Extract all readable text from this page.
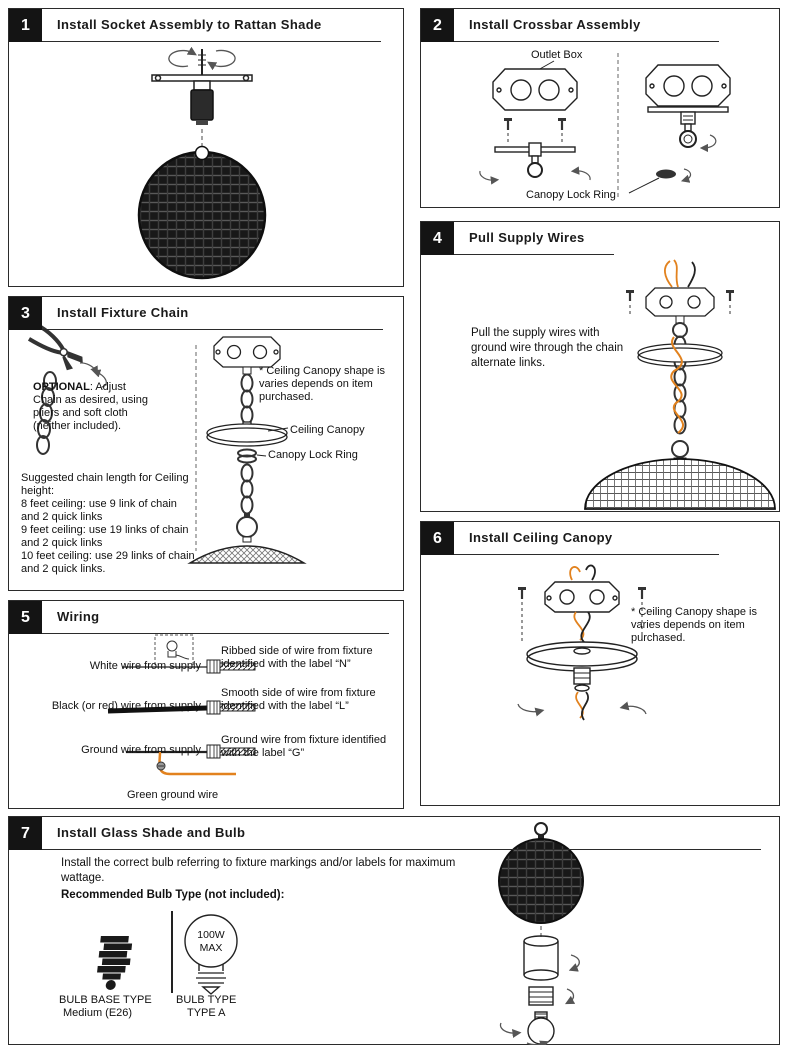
1	Install Socket Assembly to Rattan Shade	2	Install Crossbar Assembly
Outlet Box
Canopy Lock Ring
3	Install Fixture Chain
OPTIONAL: Adjust Chain as desired, using pliers and soft cloth (neither included).
* Ceiling Canopy shape is varies depends on item purchased.
Ceiling Canopy
Canopy Lock Ring
Suggested chain length for Ceiling height:
8 feet ceiling: use 9 link of chain and 2 quick links
9 feet ceiling: use 19 links of chain and 2 quick links
10 feet ceiling: use 29 links of chain and 2 quick links.
4	Pull Supply Wires
Pull the supply wires with ground wire through the chain alternate links.
5	Wiring
Ribbed side of wire from fixture identified with the label “N”
White wire from supply
Smooth side of wire from fixture identified with the label “L”
Black (or red) wire from supply
Ground wire from fixture identified with the label “G”
Ground wire from supply
Green ground wire
6	Install Ceiling Canopy
* Ceiling Canopy shape is varies depends on item purchased.
7	Install Glass Shade and Bulb
Install the correct bulb referring to fixture markings and/or labels for maximum wattage.
Recommended Bulb Type (not included):
100W
MAX
BULB BASE TYPE
Medium (E26)
BULB TYPE
TYPE A
